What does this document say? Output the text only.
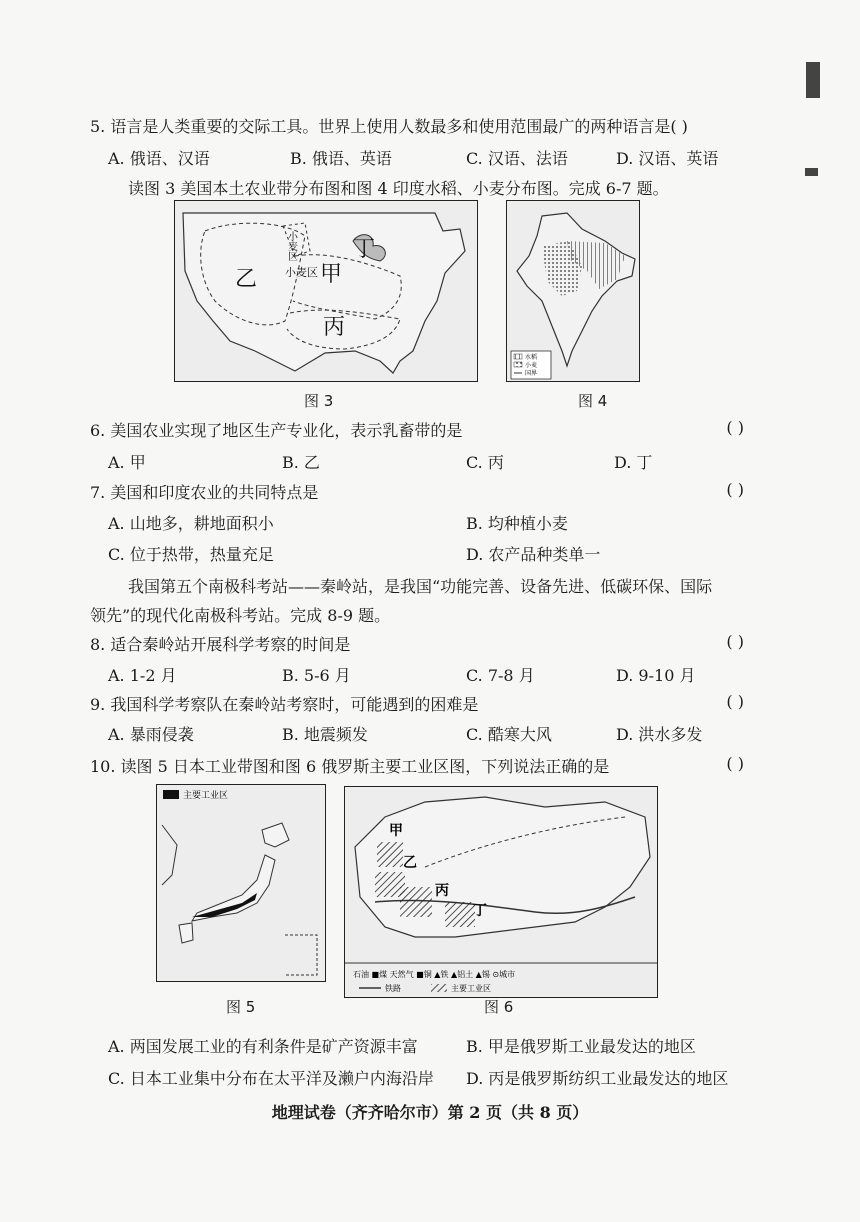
5. 语言是人类重要的交际工具。世界上使用人数最多和使用范围最广的两种语言是( )
A. 俄语、汉语	B. 俄语、英语	C. 汉语、法语	D. 汉语、英语
读图 3 美国本土农业带分布图和图 4 印度水稻、小麦分布图。完成 6-7 题。
乙	甲
丙
丁
小麦区
小麦区
水稻
小麦
国界
图 3	图 4
6. 美国农业实现了地区生产专业化，表示乳畜带的是	( )
A. 甲	B. 乙	C. 丙	D. 丁
7. 美国和印度农业的共同特点是	( )
A. 山地多，耕地面积小	B. 均种植小麦
C. 位于热带，热量充足	D. 农产品种类单一
我国第五个南极科考站——秦岭站，是我国“功能完善、设备先进、低碳环保、国际
领先”的现代化南极科考站。完成 8-9 题。
8. 适合秦岭站开展科学考察的时间是	( )
A. 1-2 月	B. 5-6 月	C. 7-8 月	D. 9-10 月
9. 我国科学考察队在秦岭站考察时，可能遇到的困难是	( )
A. 暴雨侵袭	B. 地震频发	C. 酷寒大风	D. 洪水多发
10. 读图 5 日本工业带图和图 6 俄罗斯主要工业区图，下列说法正确的是	( )
主要工业区
甲
乙
丙
丁
石油 ■煤 天然气 ■铜 ▲铁 ▲铝土 ▲锡 ⊙城市
铁路	主要工业区
图 5	图 6
A. 两国发展工业的有利条件是矿产资源丰富	B. 甲是俄罗斯工业最发达的地区
C. 日本工业集中分布在太平洋及濑户内海沿岸 D. 丙是俄罗斯纺织工业最发达的地区
地理试卷（齐齐哈尔市）第 2 页（共 8 页）
